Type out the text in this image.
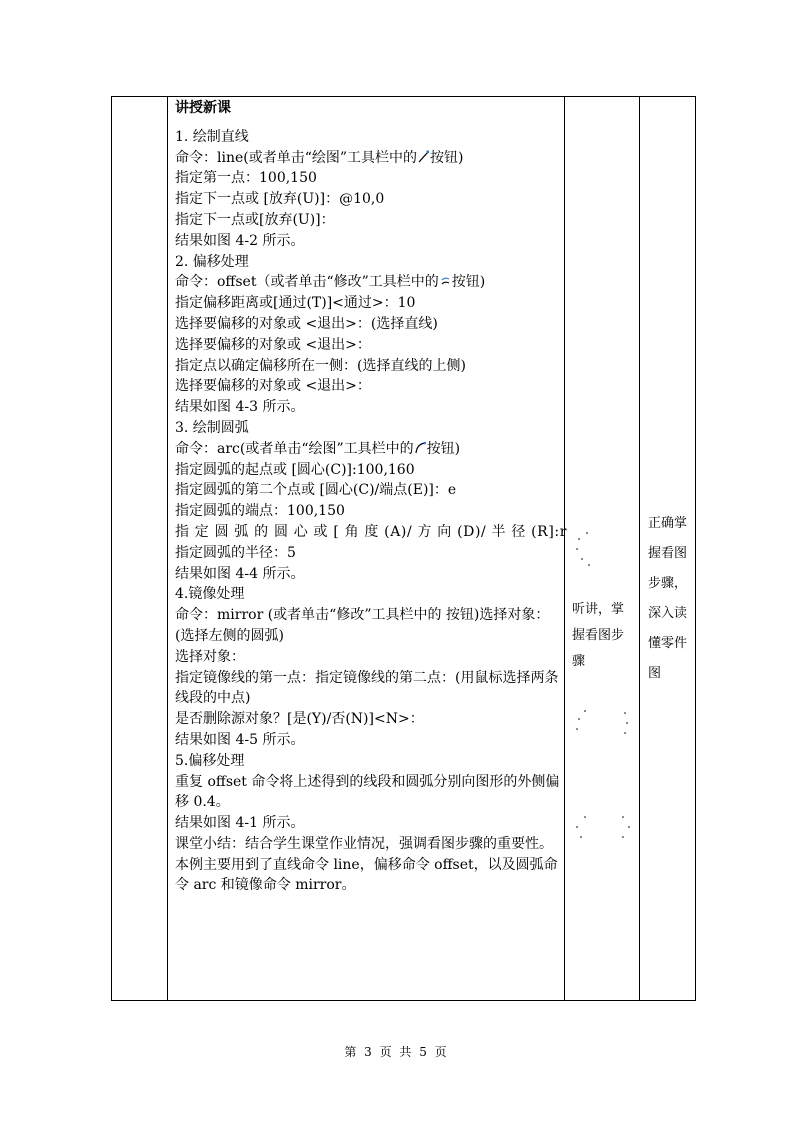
讲授新课
1. 绘制直线
命令：line(或者单击“绘图”工具栏中的 按钮)
指定第一点：100,150
指定下一点或 [放弃(U)]：@10,0
指定下一点或[放弃(U)]：
结果如图 4-2 所示。
2. 偏移处理
命令：offset（或者单击“修改”工具栏中的 按钮)
指定偏移距离或[通过(T)]<通过>：10
选择要偏移的对象或 <退出>：(选择直线)
选择要偏移的对象或 <退出>：
指定点以确定偏移所在一侧：(选择直线的上侧)
选择要偏移的对象或 <退出>：
结果如图 4-3 所示。
3. 绘制圆弧
命令：arc(或者单击“绘图”工具栏中的 按钮)
指定圆弧的起点或 [圆心(C)]:100,160
指定圆弧的第二个点或 [圆心(C)/端点(E)]：e
指定圆弧的端点：100,150
指定圆弧的圆心或[角度(A)/方向(D)/半径(R]:r
指定圆弧的半径：5
结果如图 4-4 所示。
4.镜像处理
命令：mirror (或者单击“修改”工具栏中的 按钮)选择对象：(选择左侧的圆弧)
选择对象：
指定镜像线的第一点：指定镜像线的第二点：(用鼠标选择两条线段的中点)
是否删除源对象？[是(Y)/否(N)]<N>：
结果如图 4-5 所示。
5.偏移处理
重复 offset 命令将上述得到的线段和圆弧分别向图形的外侧偏移 0.4。
结果如图 4-1 所示。
课堂小结：结合学生课堂作业情况，强调看图步骤的重要性。
本例主要用到了直线命令 line，偏移命令 offset，以及圆弧命令 arc 和镜像命令 mirror。
听讲，掌握看图步骤
正确掌握看图步骤，深入读懂零件图
第 3 页 共 5 页
